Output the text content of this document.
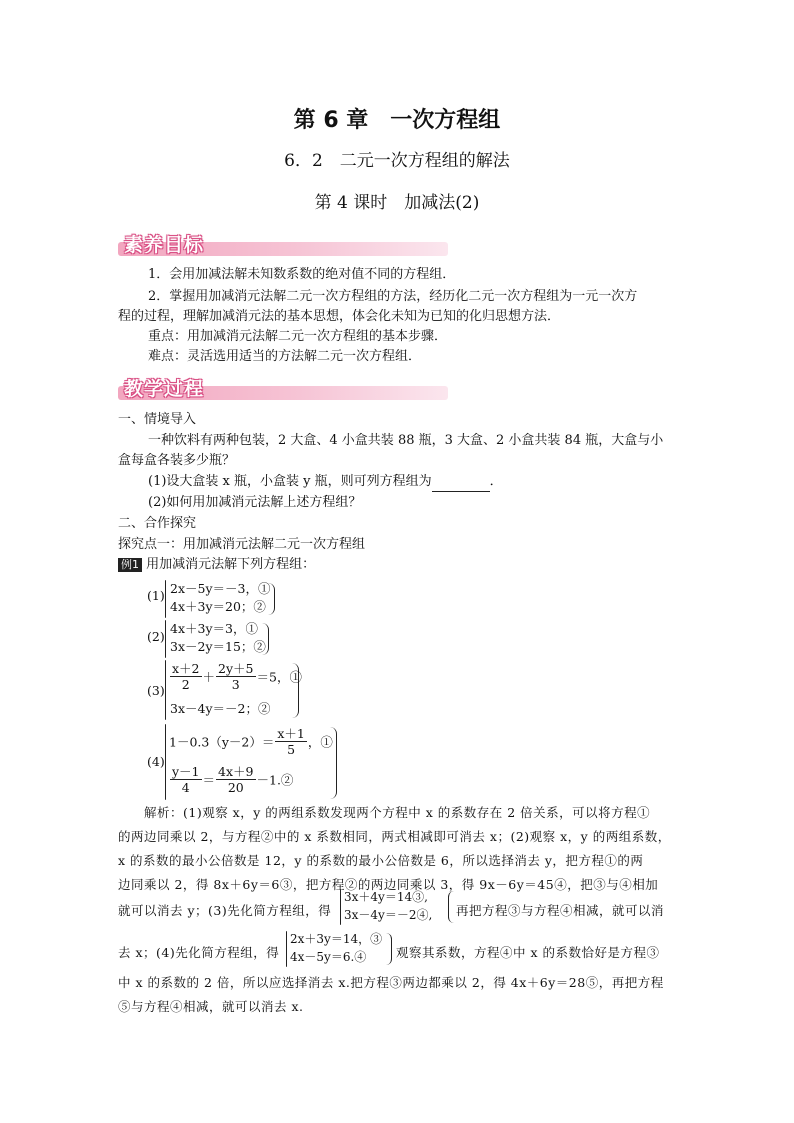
第 6 章　一次方程组
6．2　二元一次方程组的解法
第 4 课时　加减法(2)
素养目标
1．会用加减法解未知数系数的绝对值不同的方程组．
2．掌握用加减消元法解二元一次方程组的方法，经历化二元一次方程组为一元一次方
程的过程，理解加减消元法的基本思想，体会化未知为已知的化归思想方法．
重点：用加减消元法解二元一次方程组的基本步骤．
难点：灵活选用适当的方法解二元一次方程组．
教学过程
一、情境导入
一种饮料有两种包装，2 大盒、4 小盒共装 88 瓶，3 大盒、2 小盒共装 84 瓶，大盒与小
盒每盒各装多少瓶？
(1)设大盒装 x 瓶，小盒装 y 瓶，则可列方程组为	．
(2)如何用加减消元法解上述方程组？
二、合作探究
探究点一：用加减消元法解二元一次方程组
例1 用加减消元法解下列方程组：
(1) 2x－5y＝－3，①
4x＋3y＝20；②
(2)
4x＋3y＝3，①
3x－2y＝15；②
$(3) \frac{x+2}{2} + \frac{2y+5}{3} =5$，①
3x－4y＝－2；②
(4)
$1-0.3(y-2)= \frac{x+1}{5}$ ，①
$\frac{y-1}{4} = \frac{4x+9}{20}$ －1.②
解析：(1)观察 x，y 的两组系数发现两个方程中 x 的系数存在 2 倍关系，可以将方程①
的两边同乘以 2，与方程②中的 x 系数相同，两式相减即可消去 x；(2)观察 x，y 的两组系数，
x 的系数的最小公倍数是 12，y 的系数的最小公倍数是 6，所以选择消去 y，把方程①的两
边同乘以 2，得 8x＋6y＝6③，把方程②的两边同乘以 3，得 9x－6y＝45④，把③与④相加
就可以消去 y；(3)先化简方程组，得
3x＋4y＝14③,
3x－4y＝－2④, 再把方程③与方程④相减，就可以消
去 x；(4)先化简方程组，得
2x＋3y＝14，③
4x－5y＝6.④ 观察其系数，方程④中 x 的系数恰好是方程③
中 x 的系数的 2 倍，所以应选择消去 x.把方程③两边都乘以 2，得 4x＋6y＝28⑤，再把方程
⑤与方程④相减，就可以消去 x.
